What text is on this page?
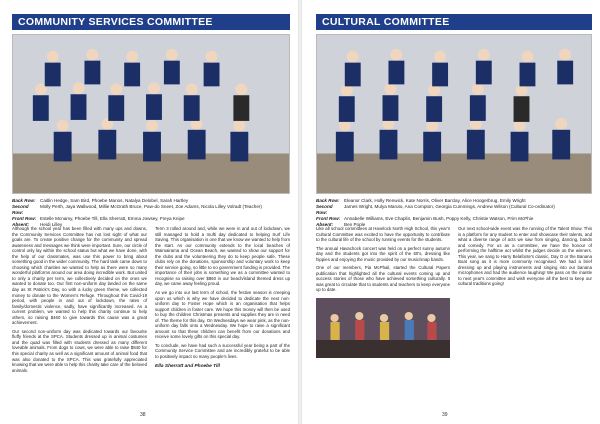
COMMUNITY SERVICES COMMITTEE
Back Row: Caitlin Hedge, Sam Bird, Phoebe Manos, Natalya Delobel, Sarah Hartley
Second Row:
Molly Perth, Jaya Wallwood, Millie McGrath Bruce, Paw-do Sneet, Zoe Adams, Nicola Lilley Volradt (Teacher)
Front Row: Estelle Mcnamy, Phoebe Till, Ella Sherratt, Emma Jowsey, Freya Knipe
Absent:	Heidi Lilley

Although the school year has been filled with many ups and downs, the Community Services Committee has not lost sight of what our goals are. To create positive change for the community and spread awareness and messages we think were important. Sure, our circle of control only lay within the school status but what we have done, with the help of our classmates, was use this power to bring about something good in the wider community. The hard task came down to choosing which charities we wanted to help as there were so many wonderful platforms around our area doing incredible work. But united to only a charity per term, we collectively decided on the ones we wanted to donate too. Our first non-uniform day landed on the same day as St Patrick's Day, so with a lucky green theme, we collected money to donate to the Women's Refuge. Throughout this Covid-19 period, with people in and out of lockdown, the rates of family/domestic violence, sadly, have significantly increased. As a current problem, we wanted to help this charity continue to help others, so raising $460 to give towards this cause was a great achievement.

Our second non-uniform day was dedicated towards our favourite fluffy friends at the SPCA. Students dressed up in animal costumes and the quad was filled with students dressed as many different loveable animals. From dogs to cows, we were able to raise $840 for this special charity as well as a significant amount of animal food that was also donated to the SPCA. This was gratefully appreciated knowing that we were able to help this charity take care of the beloved animals.

Term 3 rolled around and, while we were in and out of lockdown, we still managed to hold a mufti day dedicated to helping Surf Life Saving. This organisation is one that we know we wanted to help from the start. As our community extends to the local beaches of Waimairama and Ocean Beach, we wanted to show our support for the clubs and the volunteering they do to keep people safe. These clubs rely on the donations, sponsorship and voluntary work to keep their service going, so little to no government funding is provided. The importance of their jobs is something we as a committee wanted to recognise so raising over $860 in our beach/island themed dress up day, we came away feeling proud.

As we go into our last term of school, the festive season is creeping upon us which is why we have decided to dedicate the next non-uniform day to Foster Hope which is an organisation that helps support children in foster care. We hope this money will then be used to buy the children Christmas presents and supplies they are in need of. The theme for this day, On Wednesdays we wear pink, as the non-uniform day falls onto a Wednesday. We hope to raise a significant amount so that these children can benefit from our donations and receive some lovely gifts on this special day.

To conclude, we have had such a successful year being a part of the Community Service Committee and are incredibly grateful to be able to positively impact so many people's lives.

Ella Sherratt and Phoebe Till
38
CULTURAL COMMITTEE
Back Row: Eleanor Clark, Holly Renwick, Kate Norris, Oliver Barclay, Alice Hoogerbrug, Emily Wright
Second Row:
James Wright, Mulya Maruto, Ana Compton, Georgia Cummings, Andrew Wilson (Cultural Co-ordinator)
Front Row: Annabelle Williams, Eve Chaplin, Benjamin Bush, Poppy Kelly, Christie Watson, Prim McPhie
Absent:	Ben Pople

Like all school committees at Havelock North High School, this year's Cultural Committee was excited to have the opportunity to contribute to the cultural life of the school by running events for the students.

The annual Havachock concert was held on a perfect sunny autumn day and the students got into the spirit of the 60's, dressing like hippies and enjoying the music provided by our music/snap bands.

One of our members, Pia McPhail, started the Cultural Papers publication that highlighted all the cultural events coming up and success stories of those who have achieved something culturally. It was great to circulate that to students and teachers to keep everyone up to date.

Our next school-wide event was the running of the Talent Show. This is a platform for any student to enter and showcase their talents, and what a diverse range of acts we saw from singing, dancing, bands and comedy. For us as a committee, we have the honour of performing the halftime act whilst the judges decide on the winners. This year, we sang to Harry Belafonte's classic, Day O or the Banana Boat song as it is more commonly recognised. We had a brief dressing up and playing instruments and singing into our banana microphones and had the audience laughing! We pass on the mantle to next year's committee and wish everyone all the best to keep our cultural traditions going!

39
